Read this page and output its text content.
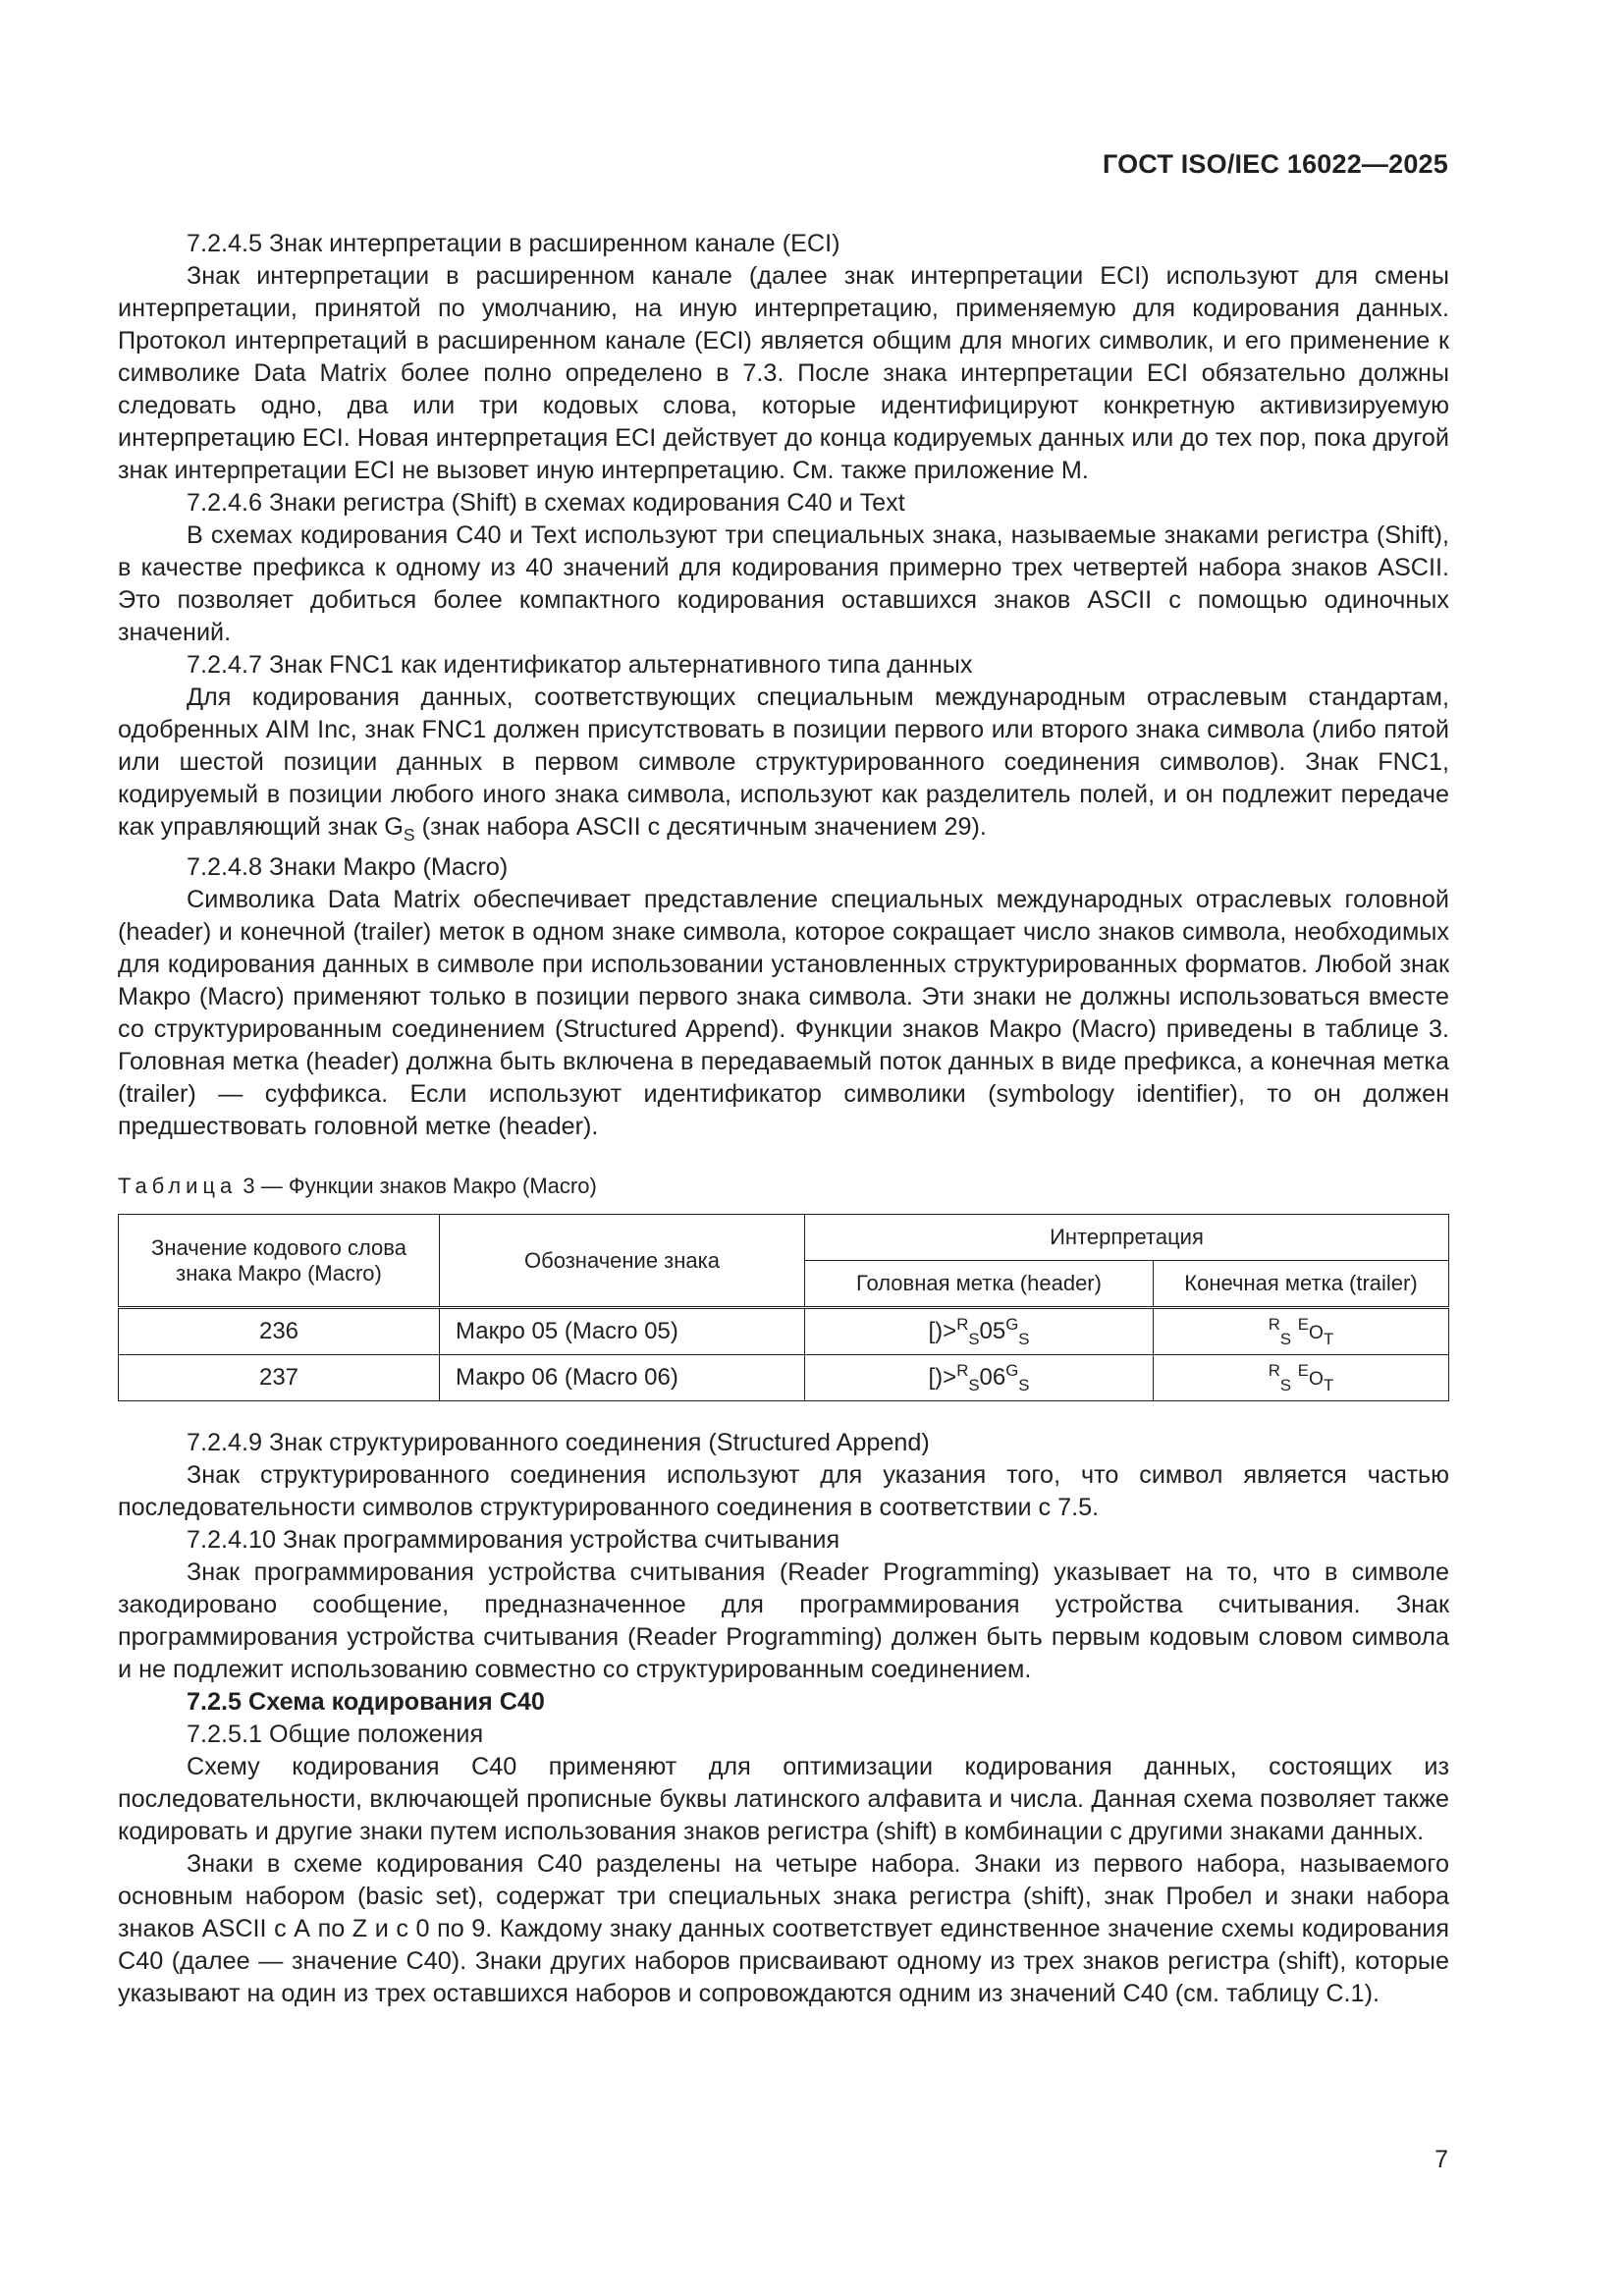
ГОСТ ISO/IEC 16022—2025

7.2.4.5 Знак интерпретации в расширенном канале (ECI)

Знак интерпретации в расширенном канале (далее знак интерпретации ECI) используют для смены интерпретации, принятой по умолчанию, на иную интерпретацию, применяемую для кодирования данных. Протокол интерпретаций в расширенном канале (ECI) является общим для многих символик, и его применение к символике Data Matrix более полно определено в 7.3. После знака интерпретации ECI обязательно должны следовать одно, два или три кодовых слова, которые идентифицируют конкретную активизируемую интерпретацию ECI. Новая интерпретация ECI действует до конца кодируемых данных или до тех пор, пока другой знак интерпретации ECI не вызовет иную интерпретацию. См. также приложение М.

7.2.4.6 Знаки регистра (Shift) в схемах кодирования С40 и Text

В схемах кодирования С40 и Text используют три специальных знака, называемые знаками регистра (Shift), в качестве префикса к одному из 40 значений для кодирования примерно трех четвертей набора знаков ASCII. Это позволяет добиться более компактного кодирования оставшихся знаков ASCII с помощью одиночных значений.

7.2.4.7 Знак FNC1 как идентификатор альтернативного типа данных

Для кодирования данных, соответствующих специальным международным отраслевым стандартам, одобренных AIM Inc, знак FNC1 должен присутствовать в позиции первого или второго знака символа (либо пятой или шестой позиции данных в первом символе структурированного соединения символов). Знак FNC1, кодируемый в позиции любого иного знака символа, используют как разделитель полей, и он подлежит передаче как управляющий знак $G_S$ (знак набора ASCII с десятичным значением 29).

7.2.4.8 Знаки Макро (Macro)

Символика Data Matrix обеспечивает представление специальных международных отраслевых головной (header) и конечной (trailer) меток в одном знаке символа, которое сокращает число знаков символа, необходимых для кодирования данных в символе при использовании установленных структурированных форматов. Любой знак Макро (Macro) применяют только в позиции первого знака символа. Эти знаки не должны использоваться вместе со структурированным соединением (Structured Append). Функции знаков Макро (Macro) приведены в таблице 3. Головная метка (header) должна быть включена в передаваемый поток данных в виде префикса, а конечная метка (trailer) — суффикса. Если используют идентификатор символики (symbology identifier), то он должен предшествовать головной метке (header).

Таблица 3 — Функции знаков Макро (Macro)
Значение кодового слова знака Макро (Macro)	Обозначение знака	Интерпретация	
		Головная метка (header)	Конечная метка (trailer)
236	Макро 05 (Macro 05)	$[)>^R_S05^G_S$	$^R_S$ $^EO_T$
237	Макро 06 (Macro 06)	$[)>^R_S06^G_S$	$^R_S$ $^EO_T$

7.2.4.9 Знак структурированного соединения (Structured Append)

Знак структурированного соединения используют для указания того, что символ является частью последовательности символов структурированного соединения в соответствии с 7.5.

7.2.4.10 Знак программирования устройства считывания

Знак программирования устройства считывания (Reader Programming) указывает на то, что в символе закодировано сообщение, предназначенное для программирования устройства считывания. Знак программирования устройства считывания (Reader Programming) должен быть первым кодовым словом символа и не подлежит использованию совместно со структурированным соединением.

7.2.5 Схема кодирования С40

7.2.5.1 Общие положения

Схему кодирования С40 применяют для оптимизации кодирования данных, состоящих из последовательности, включающей прописные буквы латинского алфавита и числа. Данная схема позволяет также кодировать и другие знаки путем использования знаков регистра (shift) в комбинации с другими знаками данных.

Знаки в схеме кодирования С40 разделены на четыре набора. Знаки из первого набора, называемого основным набором (basic set), содержат три специальных знака регистра (shift), знак Пробел и знаки набора знаков ASCII с А по Z и с 0 по 9. Каждому знаку данных соответствует единственное значение схемы кодирования С40 (далее — значение С40). Знаки других наборов присваивают одному из трех знаков регистра (shift), которые указывают на один из трех оставшихся наборов и сопровождаются одним из значений С40 (см. таблицу С.1).

7
